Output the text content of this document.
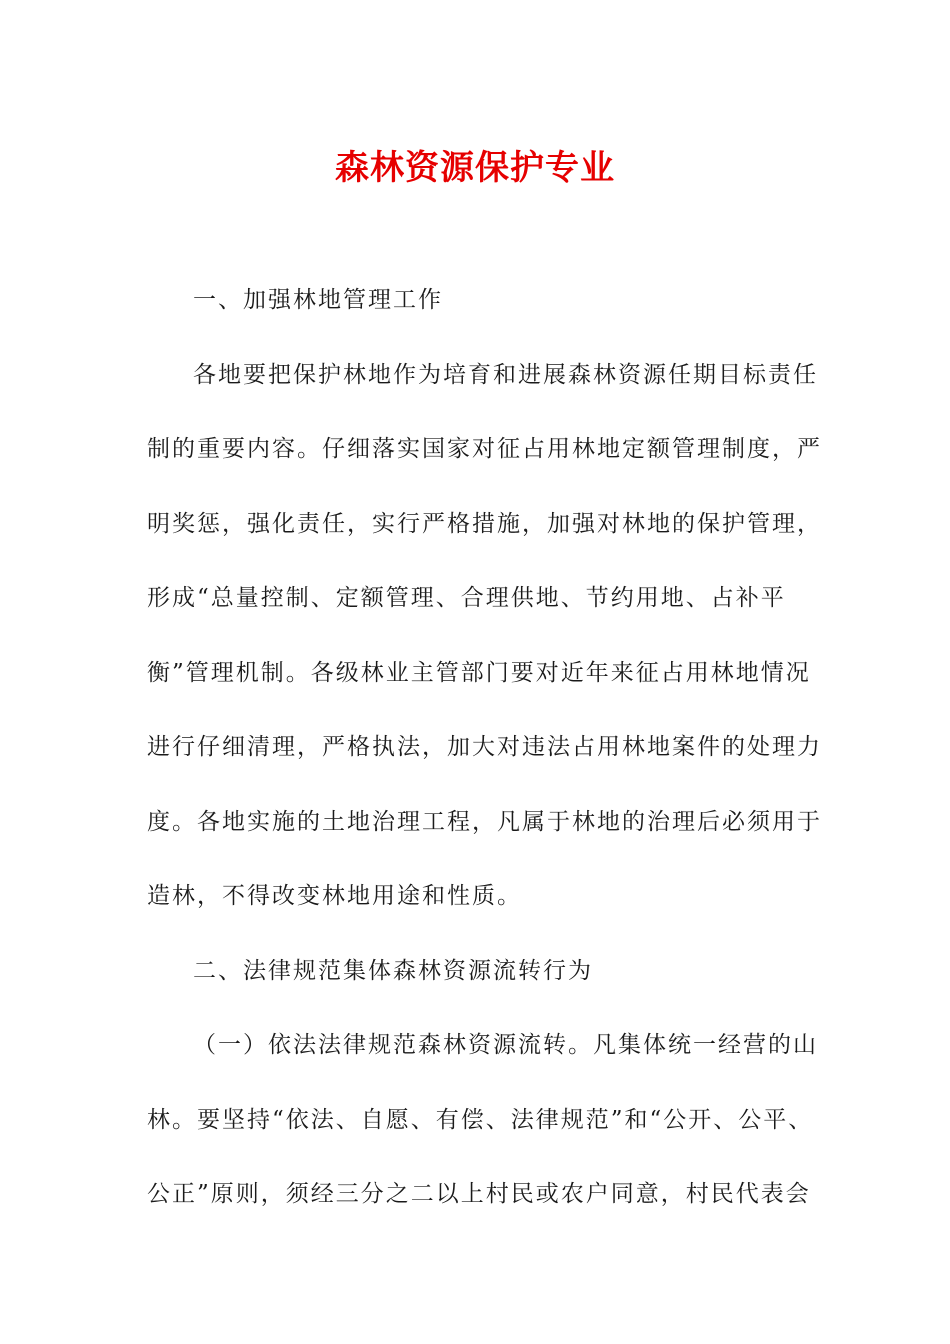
森林资源保护专业
一、加强林地管理工作
各地要把保护林地作为培育和进展森林资源任期目标责任
制的重要内容。仔细落实国家对征占用林地定额管理制度，严
明奖惩，强化责任，实行严格措施，加强对林地的保护管理，
形成“总量控制、定额管理、合理供地、节约用地、占补平
衡”管理机制。各级林业主管部门要对近年来征占用林地情况
进行仔细清理，严格执法，加大对违法占用林地案件的处理力
度。各地实施的土地治理工程，凡属于林地的治理后必须用于
造林，不得改变林地用途和性质。
二、法律规范集体森林资源流转行为
（一）依法法律规范森林资源流转。凡集体统一经营的山
林。要坚持“依法、自愿、有偿、法律规范”和“公开、公平、
公正”原则，须经三分之二以上村民或农户同意，村民代表会
